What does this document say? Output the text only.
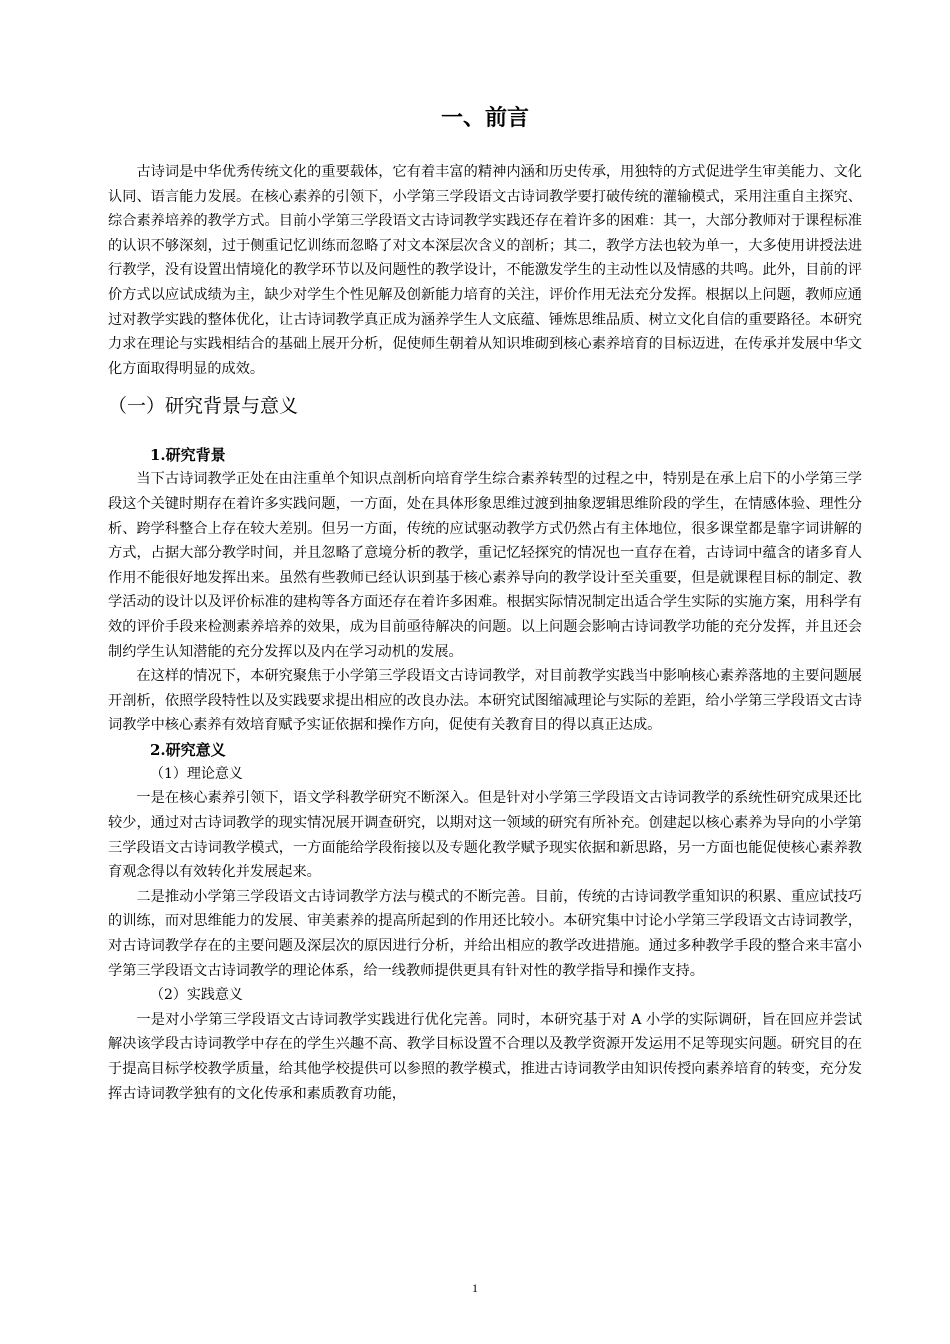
一、前言

古诗词是中华优秀传统文化的重要载体，它有着丰富的精神内涵和历史传承，用独特的方式促进学生审美能力、文化认同、语言能力发展。在核心素养的引领下，小学第三学段语文古诗词教学要打破传统的灌输模式，采用注重自主探究、综合素养培养的教学方式。目前小学第三学段语文古诗词教学实践还存在着许多的困难：其一，大部分教师对于课程标准的认识不够深刻，过于侧重记忆训练而忽略了对文本深层次含义的剖析；其二，教学方法也较为单一，大多使用讲授法进行教学，没有设置出情境化的教学环节以及问题性的教学设计，不能激发学生的主动性以及情感的共鸣。此外，目前的评价方式以应试成绩为主，缺少对学生个性见解及创新能力培育的关注，评价作用无法充分发挥。根据以上问题，教师应通过对教学实践的整体优化，让古诗词教学真正成为涵养学生人文底蕴、锤炼思维品质、树立文化自信的重要路径。本研究力求在理论与实践相结合的基础上展开分析，促使师生朝着从知识堆砌到核心素养培育的目标迈进，在传承并发展中华文化方面取得明显的成效。

（一）研究背景与意义
1.研究背景

当下古诗词教学正处在由注重单个知识点剖析向培育学生综合素养转型的过程之中，特别是在承上启下的小学第三学段这个关键时期存在着许多实践问题，一方面，处在具体形象思维过渡到抽象逻辑思维阶段的学生，在情感体验、理性分析、跨学科整合上存在较大差别。但另一方面，传统的应试驱动教学方式仍然占有主体地位，很多课堂都是靠字词讲解的方式，占据大部分教学时间，并且忽略了意境分析的教学，重记忆轻探究的情况也一直存在着，古诗词中蕴含的诸多育人作用不能很好地发挥出来。虽然有些教师已经认识到基于核心素养导向的教学设计至关重要，但是就课程目标的制定、教学活动的设计以及评价标准的建构等各方面还存在着许多困难。根据实际情况制定出适合学生实际的实施方案，用科学有效的评价手段来检测素养培养的效果，成为目前亟待解决的问题。以上问题会影响古诗词教学功能的充分发挥，并且还会制约学生认知潜能的充分发挥以及内在学习动机的发展。

在这样的情况下，本研究聚焦于小学第三学段语文古诗词教学，对目前教学实践当中影响核心素养落地的主要问题展开剖析，依照学段特性以及实践要求提出相应的改良办法。本研究试图缩减理论与实际的差距，给小学第三学段语文古诗词教学中核心素养有效培育赋予实证依据和操作方向，促使有关教育目的得以真正达成。

2.研究意义
（1）理论意义

一是在核心素养引领下，语文学科教学研究不断深入。但是针对小学第三学段语文古诗词教学的系统性研究成果还比较少，通过对古诗词教学的现实情况展开调查研究，以期对这一领域的研究有所补充。创建起以核心素养为导向的小学第三学段语文古诗词教学模式，一方面能给学段衔接以及专题化教学赋予现实依据和新思路，另一方面也能促使核心素养教育观念得以有效转化并发展起来。

二是推动小学第三学段语文古诗词教学方法与模式的不断完善。目前，传统的古诗词教学重知识的积累、重应试技巧的训练，而对思维能力的发展、审美素养的提高所起到的作用还比较小。本研究集中讨论小学第三学段语文古诗词教学，对古诗词教学存在的主要问题及深层次的原因进行分析，并给出相应的教学改进措施。通过多种教学手段的整合来丰富小学第三学段语文古诗词教学的理论体系，给一线教师提供更具有针对性的教学指导和操作支持。

（2）实践意义

一是对小学第三学段语文古诗词教学实践进行优化完善。同时，本研究基于对 A 小学的实际调研，旨在回应并尝试解决该学段古诗词教学中存在的学生兴趣不高、教学目标设置不合理以及教学资源开发运用不足等现实问题。研究目的在于提高目标学校教学质量，给其他学校提供可以参照的教学模式，推进古诗词教学由知识传授向素养培育的转变，充分发挥古诗词教学独有的文化传承和素质教育功能，

1
